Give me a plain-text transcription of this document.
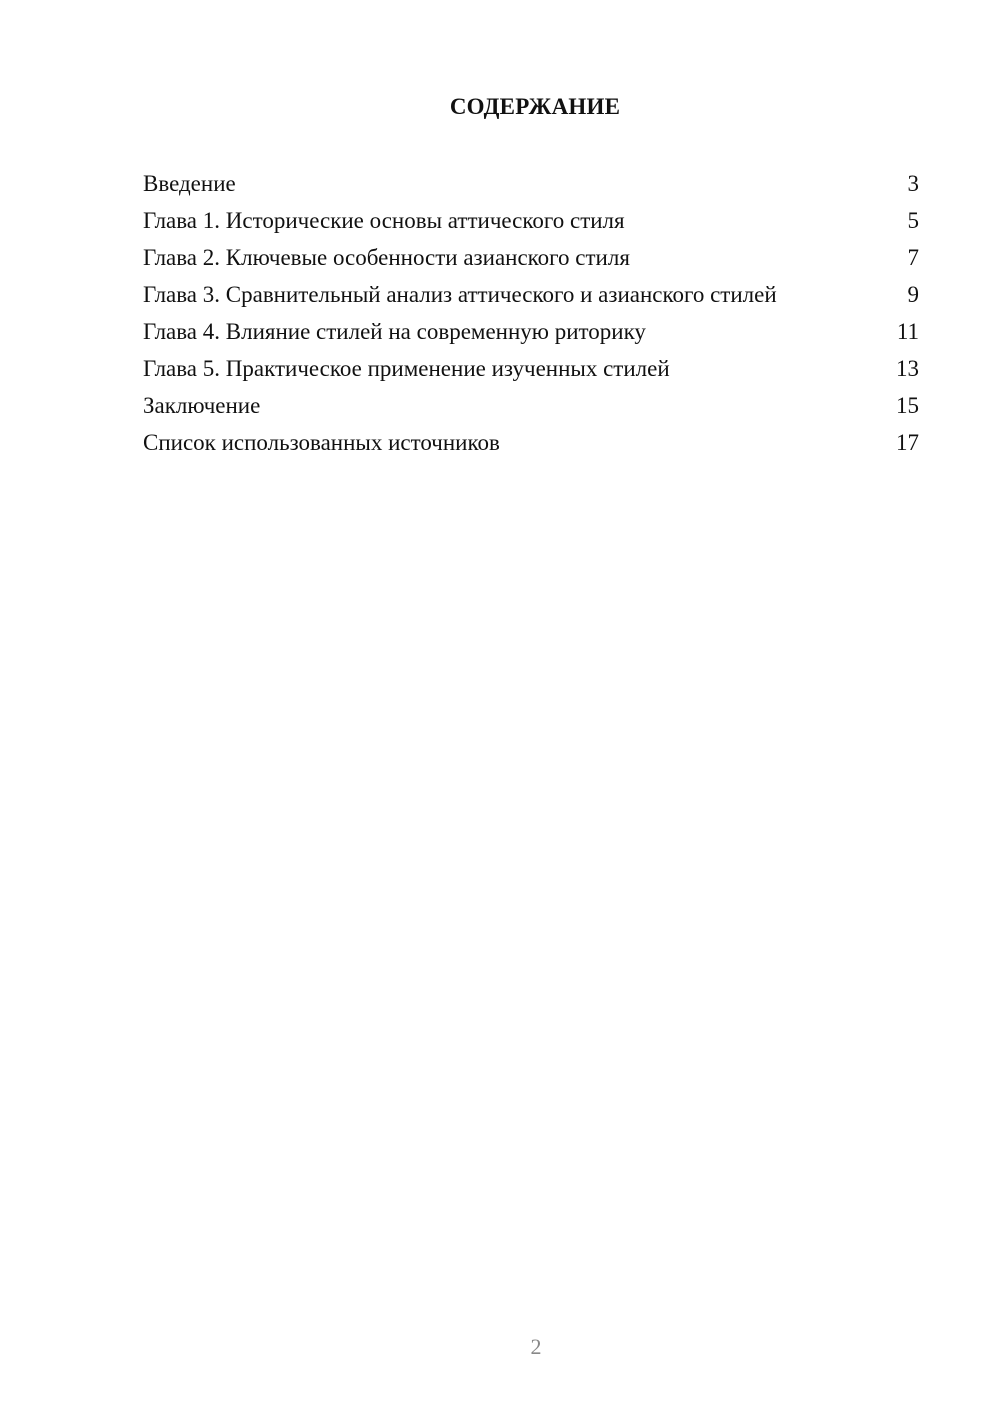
СОДЕРЖАНИЕ
Введение	3
Глава 1. Исторические основы аттического стиля	5
Глава 2. Ключевые особенности азианского стиля	7
Глава 3. Сравнительный анализ аттического и азианского стилей	9
Глава 4. Влияние стилей на современную риторику	11
Глава 5. Практическое применение изученных стилей	13
Заключение	15
Список использованных источников	17
2
